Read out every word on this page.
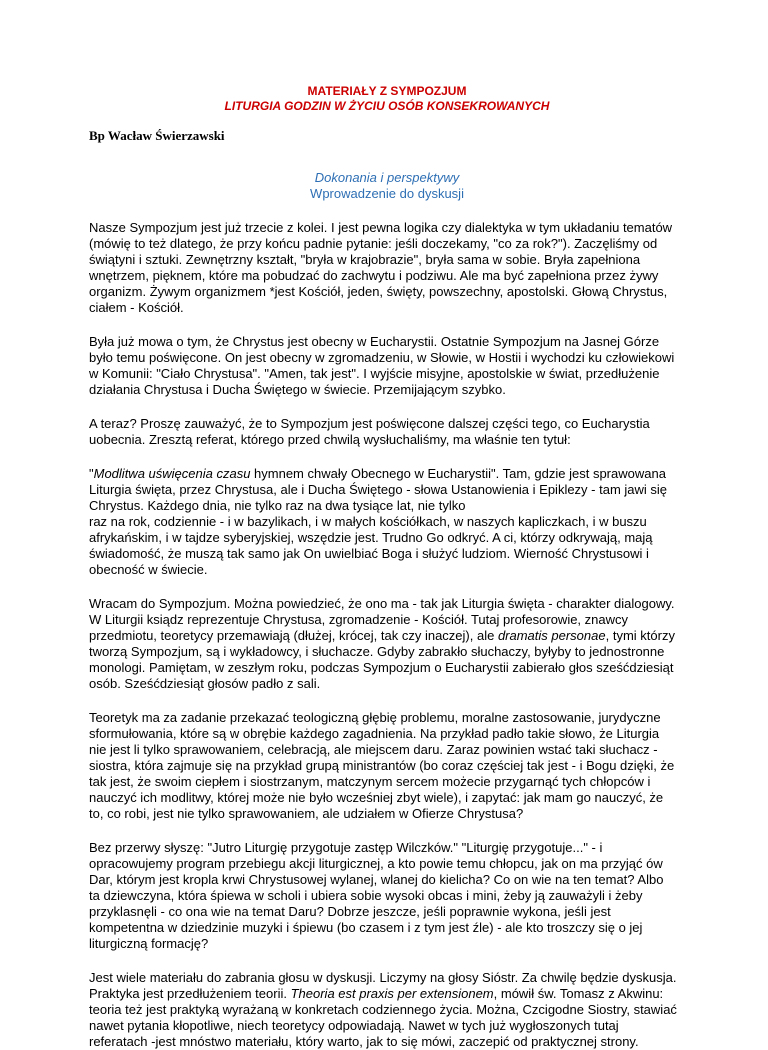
MATERIAŁY Z SYMPOZJUM
LITURGIA GODZIN W ŻYCIU OSÓB KONSEKROWANYCH
Bp Wacław Świerzawski
Dokonania i perspektywy
Wprowadzenie do dyskusji
Nasze Sympozjum jest już trzecie z kolei. I jest pewna logika czy dialektyka w tym układaniu tematów
(mówię to też dlatego, że przy końcu padnie pytanie: jeśli doczekamy, "co za rok?"). Zaczęliśmy od
świątyni i sztuki. Zewnętrzny kształt, "bryła w krajobrazie", bryła sama w sobie. Bryła zapełniona
wnętrzem, pięknem, które ma pobudzać do zachwytu i podziwu. Ale ma być zapełniona przez żywy
organizm. Żywym organizmem *jest Kościół, jeden, święty, powszechny, apostolski. Głową Chrystus,
ciałem - Kościół.
Była już mowa o tym, że Chrystus jest obecny w Eucharystii. Ostatnie Sympozjum na Jasnej Górze
było temu poświęcone. On jest obecny w zgromadzeniu, w Słowie, w Hostii i wychodzi ku człowiekowi
w Komunii: "Ciało Chrystusa". "Amen, tak jest". I wyjście misyjne, apostolskie w świat, przedłużenie
działania Chrystusa i Ducha Świętego w świecie. Przemijającym szybko.
A teraz? Proszę zauważyć, że to Sympozjum jest poświęcone dalszej części tego, co Eucharystia
uobecnia. Zresztą referat, którego przed chwilą wysłuchaliśmy, ma właśnie ten tytuł:
"Modlitwa uświęcenia czasu hymnem chwały Obecnego w Eucharystii". Tam, gdzie jest sprawowana
Liturgia święta, przez Chrystusa, ale i Ducha Świętego - słowa Ustanowienia i Epiklezy - tam jawi się
Chrystus. Każdego dnia, nie tylko raz na dwa tysiące lat, nie tylko
raz na rok, codziennie - i w bazylikach, i w małych kościółkach, w naszych kapliczkach, i w buszu
afrykańskim, i w tajdze syberyjskiej, wszędzie jest. Trudno Go odkryć. A ci, którzy odkrywają, mają
świadomość, że muszą tak samo jak On uwielbiać Boga i służyć ludziom. Wierność Chrystusowi i
obecność w świecie.
Wracam do Sympozjum. Można powiedzieć, że ono ma - tak jak Liturgia święta - charakter dialogowy.
W Liturgii ksiądz reprezentuje Chrystusa, zgromadzenie - Kościół. Tutaj profesorowie, znawcy
przedmiotu, teoretycy przemawiają (dłużej, krócej, tak czy inaczej), ale dramatis personae, tymi którzy
tworzą Sympozjum, są i wykładowcy, i słuchacze. Gdyby zabrakło słuchaczy, byłyby to jednostronne
monologi. Pamiętam, w zeszłym roku, podczas Sympozjum o Eucharystii zabierało głos sześćdziesiąt
osób. Sześćdziesiąt głosów padło z sali.
Teoretyk ma za zadanie przekazać teologiczną głębię problemu, moralne zastosowanie, jurydyczne
sformułowania, które są w obrębie każdego zagadnienia. Na przykład padło takie słowo, że Liturgia
nie jest li tylko sprawowaniem, celebracją, ale miejscem daru. Zaraz powinien wstać taki słuchacz -
siostra, która zajmuje się na przykład grupą ministrantów (bo coraz częściej tak jest - i Bogu dzięki, że
tak jest, że swoim ciepłem i siostrzanym, matczynym sercem możecie przygarnąć tych chłopców i
nauczyć ich modlitwy, której może nie było wcześniej zbyt wiele), i zapytać: jak mam go nauczyć, że
to, co robi, jest nie tylko sprawowaniem, ale udziałem w Ofierze Chrystusa?
Bez przerwy słyszę: "Jutro Liturgię przygotuje zastęp Wilczków." "Liturgię przygotuje..." - i
opracowujemy program przebiegu akcji liturgicznej, a kto powie temu chłopcu, jak on ma przyjąć ów
Dar, którym jest kropla krwi Chrystusowej wylanej, wlanej do kielicha? Co on wie na ten temat? Albo
ta dziewczyna, która śpiewa w scholi i ubiera sobie wysoki obcas i mini, żeby ją zauważyli i żeby
przyklasnęli - co ona wie na temat Daru? Dobrze jeszcze, jeśli poprawnie wykona, jeśli jest
kompetentna w dziedzinie muzyki i śpiewu (bo czasem i z tym jest źle) - ale kto troszczy się o jej
liturgiczną formację?
Jest wiele materiału do zabrania głosu w dyskusji. Liczymy na głosy Sióstr. Za chwilę będzie dyskusja.
Praktyka jest przedłużeniem teorii. Theoria est praxis per extensionem, mówił św. Tomasz z Akwinu:
teoria też jest praktyką wyrażaną w konkretach codziennego życia. Można, Czcigodne Siostry, stawiać
nawet pytania kłopotliwe, niech teoretycy odpowiadają. Nawet w tych już wygłoszonych tutaj
referatach -jest mnóstwo materiału, który warto, jak to się mówi, zaczepić od praktycznej strony.
